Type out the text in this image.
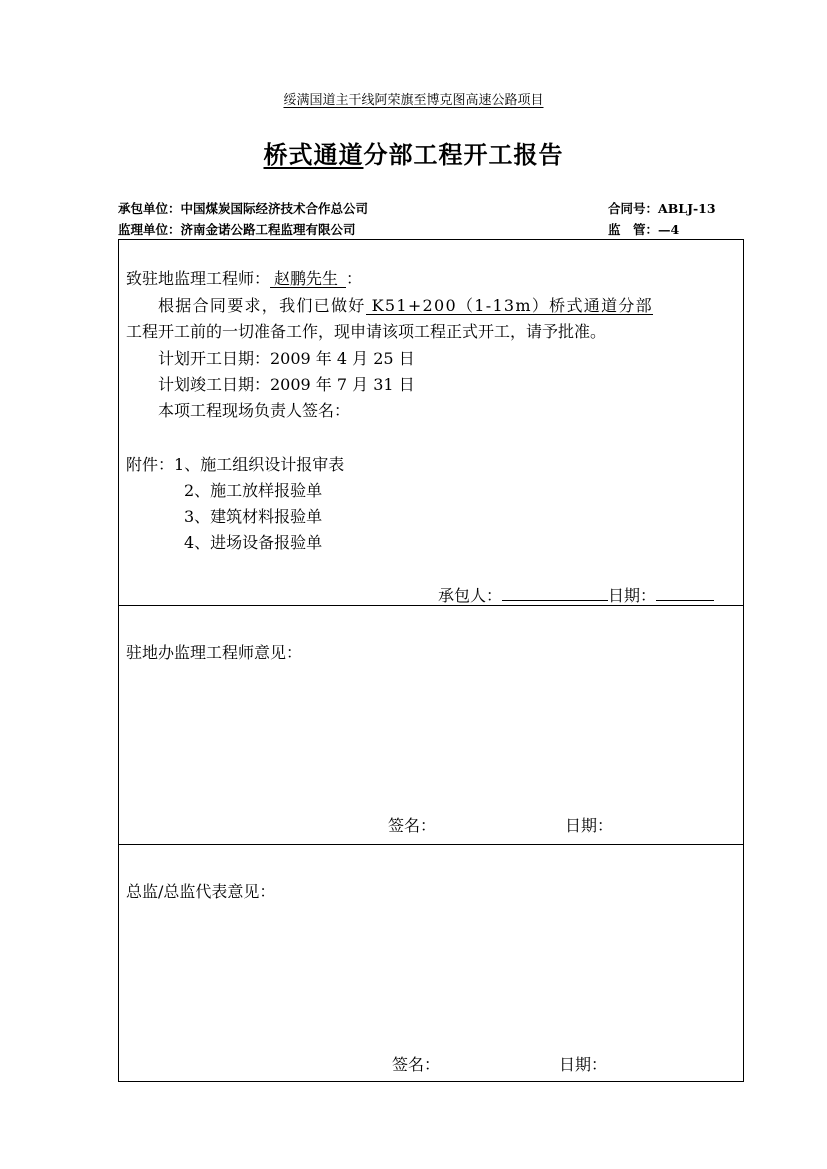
绥满国道主干线阿荣旗至博克图高速公路项目
桥式通道分部工程开工报告
承包单位：中国煤炭国际经济技术合作总公司	合同号：ABLJ-13
监理单位：济南金诺公路工程监理有限公司	监　管：—4
致驻地监理工程师： 赵鹏先生 ：
根据合同要求，我们已做好 K51+200（1-13m）桥式通道分部
工程开工前的一切准备工作，现申请该项工程正式开工，请予批准。
计划开工日期：2009 年 4 月 25 日
计划竣工日期：2009 年 7 月 31 日
本项工程现场负责人签名：
附件：1、施工组织设计报审表
2、施工放样报验单
3、建筑材料报验单
4、进场设备报验单
承包人：	日期：
驻地办监理工程师意见：
签名：	日期：
总监/总监代表意见：
签名：	日期：
